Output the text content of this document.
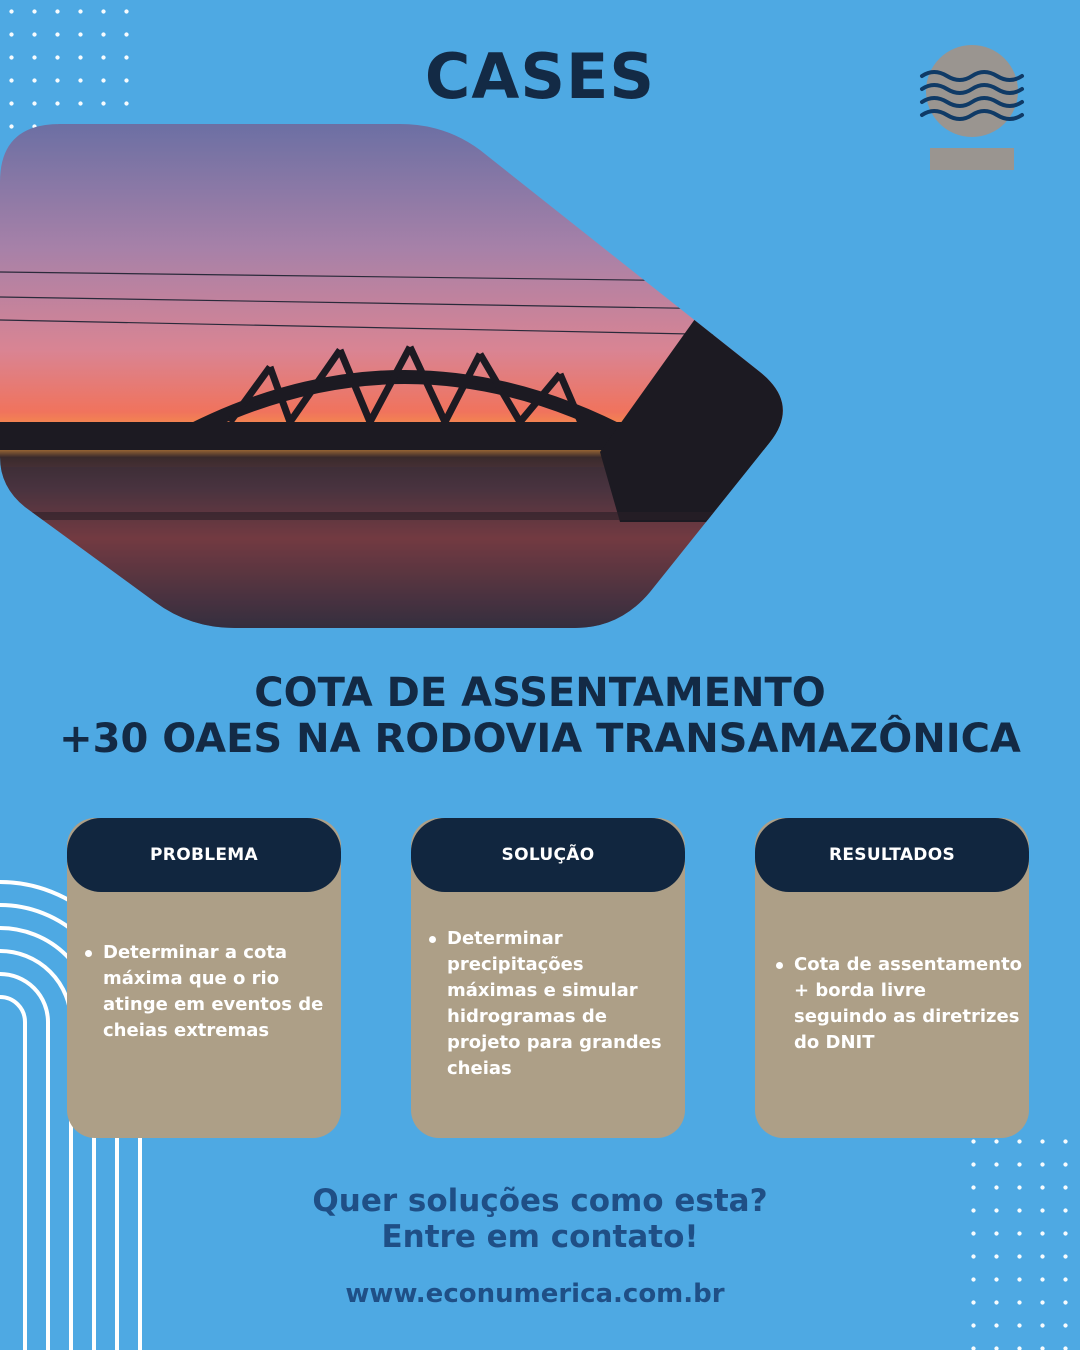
CASES
COTA DE ASSENTAMENTO
+30 OAES NA RODOVIA TRANSAMAZÔNICA
PROBLEMA
Determinar a cota máxima que o rio atinge em eventos de cheias extremas
SOLUÇÃO
Determinar precipitações máximas e simular hidrogramas de projeto para grandes cheias
RESULTADOS
Cota de assentamento + borda livre seguindo as diretrizes do DNIT
Quer soluções como esta?
Entre em contato!
www.econumerica.com.br
